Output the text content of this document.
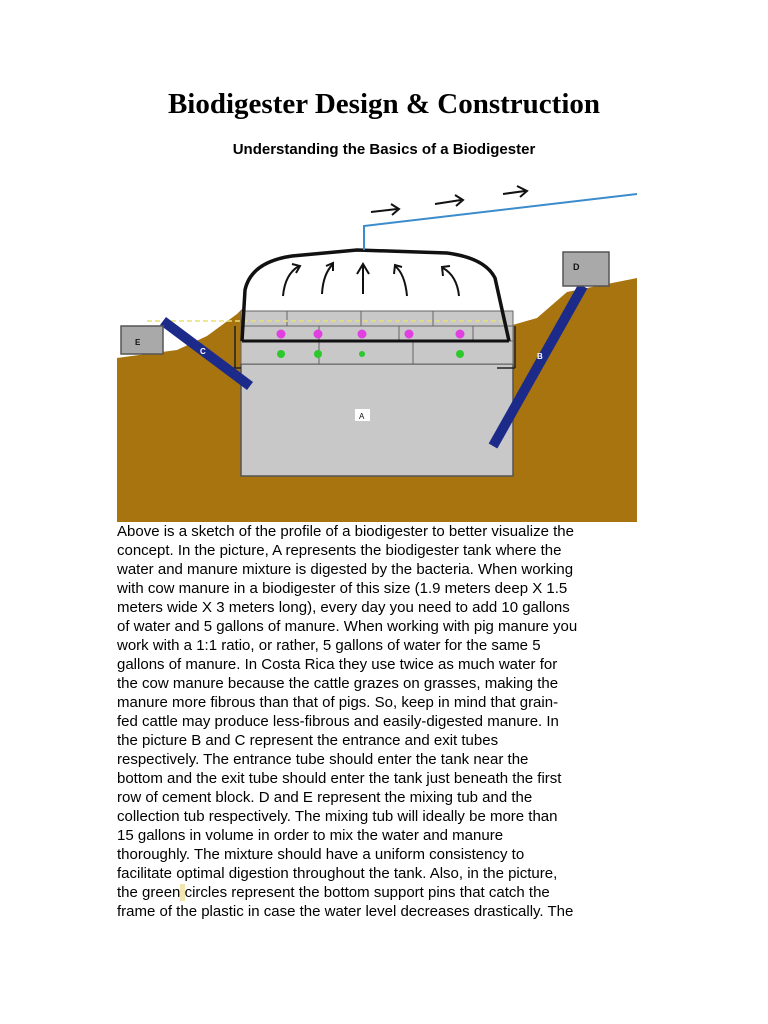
Biodigester Design & Construction
Understanding the Basics of a Biodigester
C
B
D
E
A
Above is a sketch of the profile of a biodigester to better visualize the
concept. In the picture, A represents the biodigester tank where the
water and manure mixture is digested by the bacteria. When working
with cow manure in a biodigester of this size (1.9 meters deep X 1.5
meters wide X 3 meters long), every day you need to add 10 gallons
of water and 5 gallons of manure. When working with pig manure you
work with a 1:1 ratio, or rather, 5 gallons of water for the same 5
gallons of manure. In Costa Rica they use twice as much water for
the cow manure because the cattle grazes on grasses, making the
manure more fibrous than that of pigs. So, keep in mind that grain-
fed cattle may produce less-fibrous and easily-digested manure. In
the picture B and C represent the entrance and exit tubes
respectively. The entrance tube should enter the tank near the
bottom and the exit tube should enter the tank just beneath the first
row of cement block. D and E represent the mixing tub and the
collection tub respectively. The mixing tub will ideally be more than
15 gallons in volume in order to mix the water and manure
thoroughly. The mixture should have a uniform consistency to
facilitate optimal digestion throughout the tank. Also, in the picture,
the green circles represent the bottom support pins that catch the
frame of the plastic in case the water level decreases drastically. The
